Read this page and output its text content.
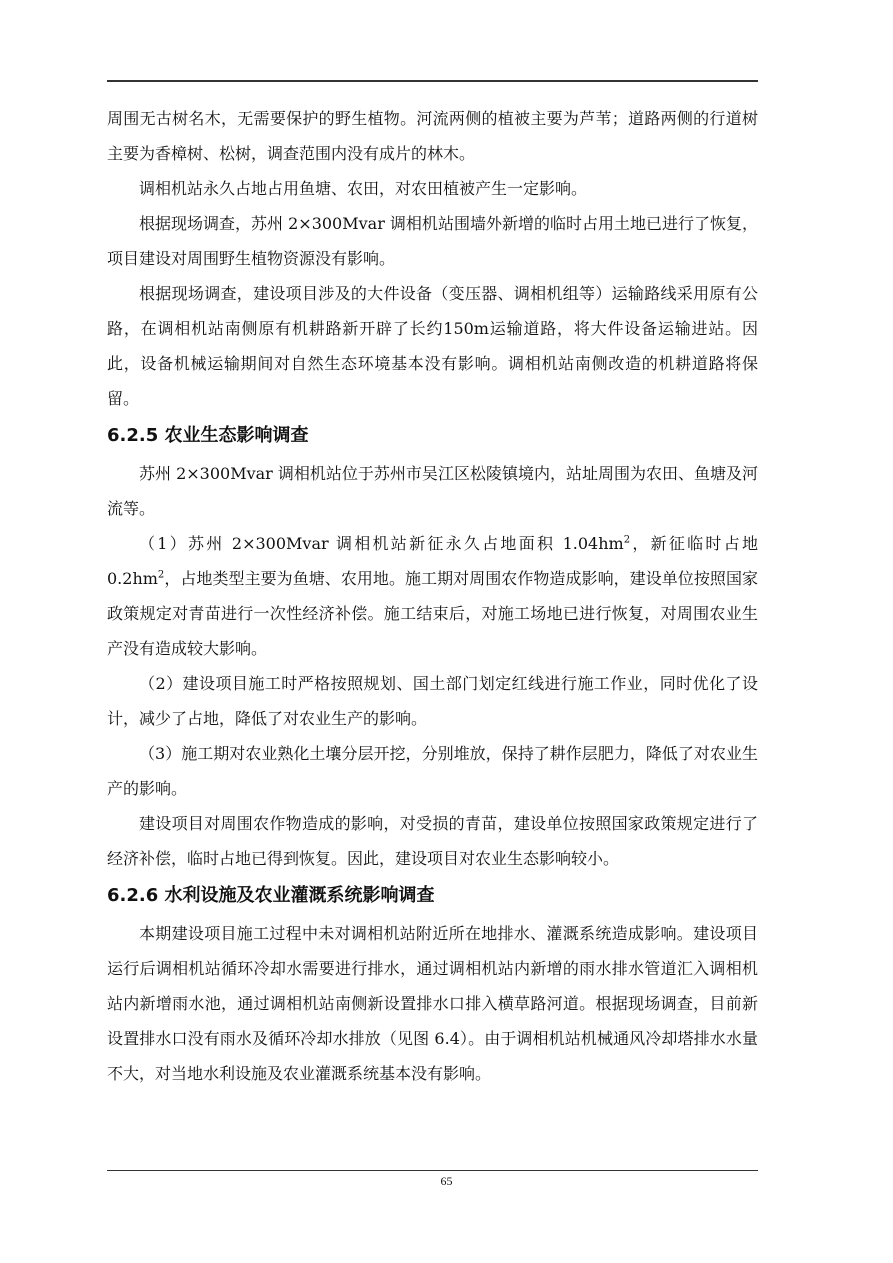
周围无古树名木，无需要保护的野生植物。河流两侧的植被主要为芦苇；道路两侧的行道树主要为香樟树、松树，调查范围内没有成片的林木。

调相机站永久占地占用鱼塘、农田，对农田植被产生一定影响。

根据现场调查，苏州 2×300Mvar 调相机站围墙外新增的临时占用土地已进行了恢复，项目建设对周围野生植物资源没有影响。

根据现场调查，建设项目涉及的大件设备（变压器、调相机组等）运输路线采用原有公路，在调相机站南侧原有机耕路新开辟了长约150m运输道路，将大件设备运输进站。因此，设备机械运输期间对自然生态环境基本没有影响。调相机站南侧改造的机耕道路将保留。

6.2.5 农业生态影响调查

苏州 2×300Mvar 调相机站位于苏州市吴江区松陵镇境内，站址周围为农田、鱼塘及河流等。

（1）苏州 2×300Mvar 调相机站新征永久占地面积 $1.04hm^2$，新征临时占地 $0.2hm^2$，占地类型主要为鱼塘、农用地。施工期对周围农作物造成影响，建设单位按照国家政策规定对青苗进行一次性经济补偿。施工结束后，对施工场地已进行恢复，对周围农业生产没有造成较大影响。

（2）建设项目施工时严格按照规划、国土部门划定红线进行施工作业，同时优化了设计，减少了占地，降低了对农业生产的影响。

（3）施工期对农业熟化土壤分层开挖，分别堆放，保持了耕作层肥力，降低了对农业生产的影响。

建设项目对周围农作物造成的影响，对受损的青苗，建设单位按照国家政策规定进行了经济补偿，临时占地已得到恢复。因此，建设项目对农业生态影响较小。

6.2.6 水利设施及农业灌溉系统影响调查

本期建设项目施工过程中未对调相机站附近所在地排水、灌溉系统造成影响。建设项目运行后调相机站循环冷却水需要进行排水，通过调相机站内新增的雨水排水管道汇入调相机站内新增雨水池，通过调相机站南侧新设置排水口排入横草路河道。根据现场调查，目前新设置排水口没有雨水及循环冷却水排放（见图 6.4）。由于调相机站机械通风冷却塔排水水量不大，对当地水利设施及农业灌溉系统基本没有影响。

65
